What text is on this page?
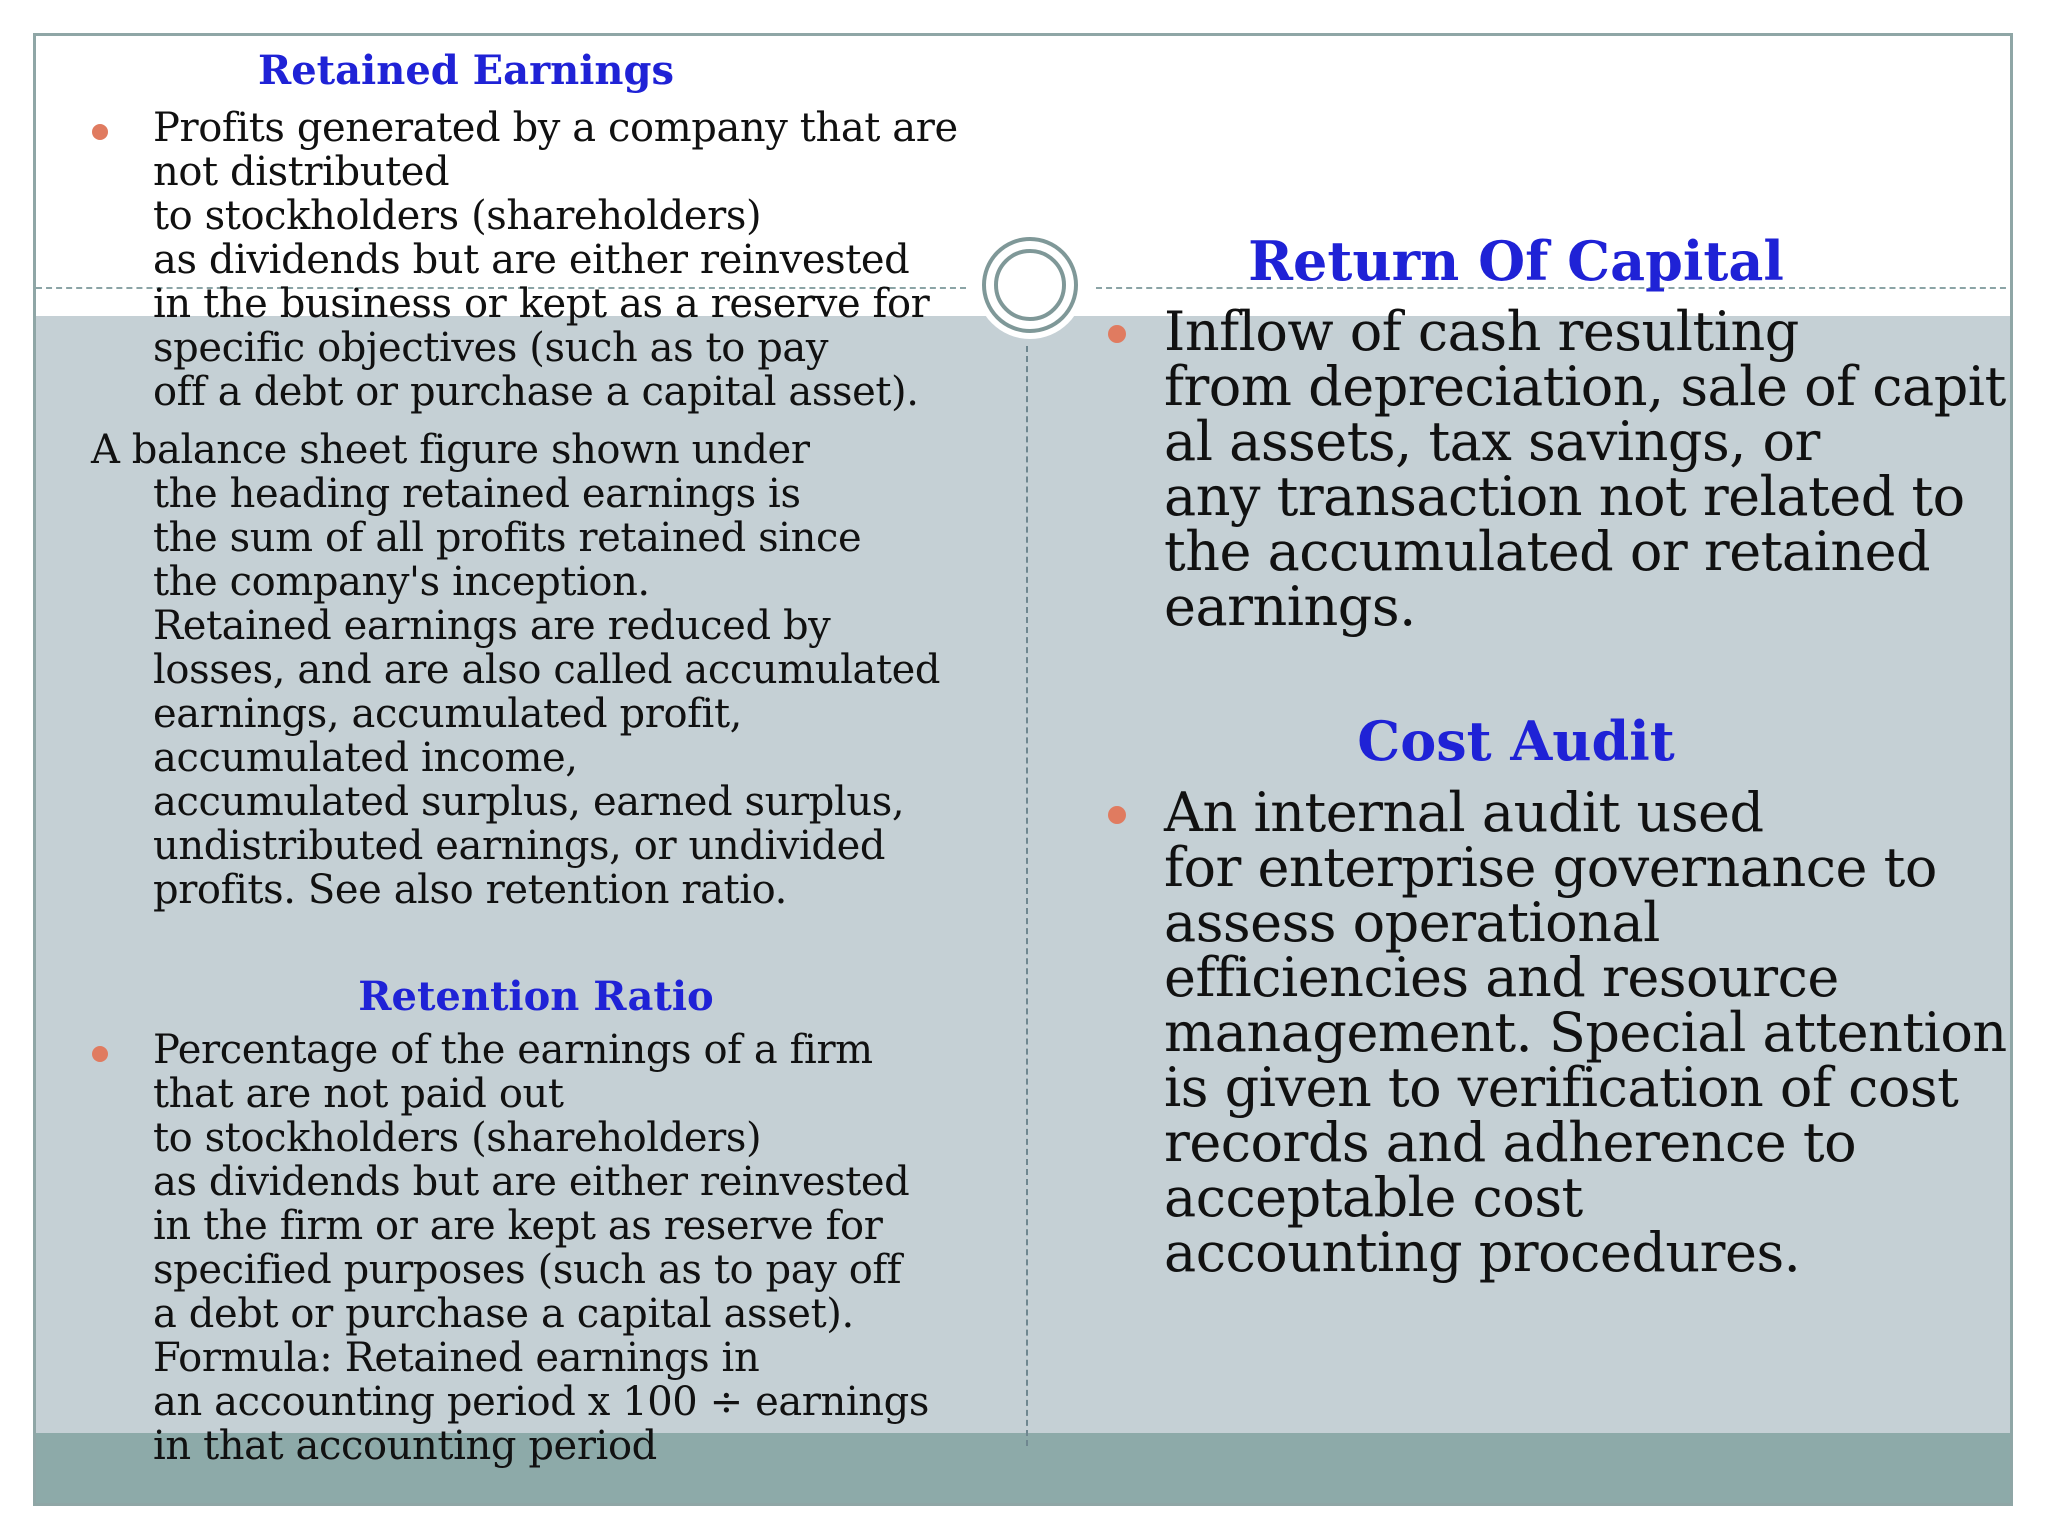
Retained Earnings

Profits generated by a company that are
not distributed
to stockholders (shareholders)
as dividends but are either reinvested
in the business or kept as a reserve for
specific objectives (such as to pay
off a debt or purchase a capital asset).

A balance sheet figure shown under

the heading retained earnings is
the sum of all profits retained since
the company's inception.
Retained earnings are reduced by
losses, and are also called accumulated
earnings, accumulated profit,
accumulated income,
accumulated surplus, earned surplus,
undistributed earnings, or undivided
profits. See also retention ratio.

Retention Ratio

Percentage of the earnings of a firm
that are not paid out
to stockholders (shareholders)
as dividends but are either reinvested
in the firm or are kept as reserve for
specified purposes (such as to pay off
a debt or purchase a capital asset).
Formula: Retained earnings in
an accounting period x 100 ÷ earnings
in that accounting period

Return Of Capital

Inflow of cash resulting
from depreciation, sale of capit
al assets, tax savings, or
any transaction not related to
the accumulated or retained
earnings.

Cost Audit

An internal audit used
for enterprise governance to
assess operational
efficiencies and resource
management. Special attention
is given to verification of cost
records and adherence to
acceptable cost
accounting procedures.
